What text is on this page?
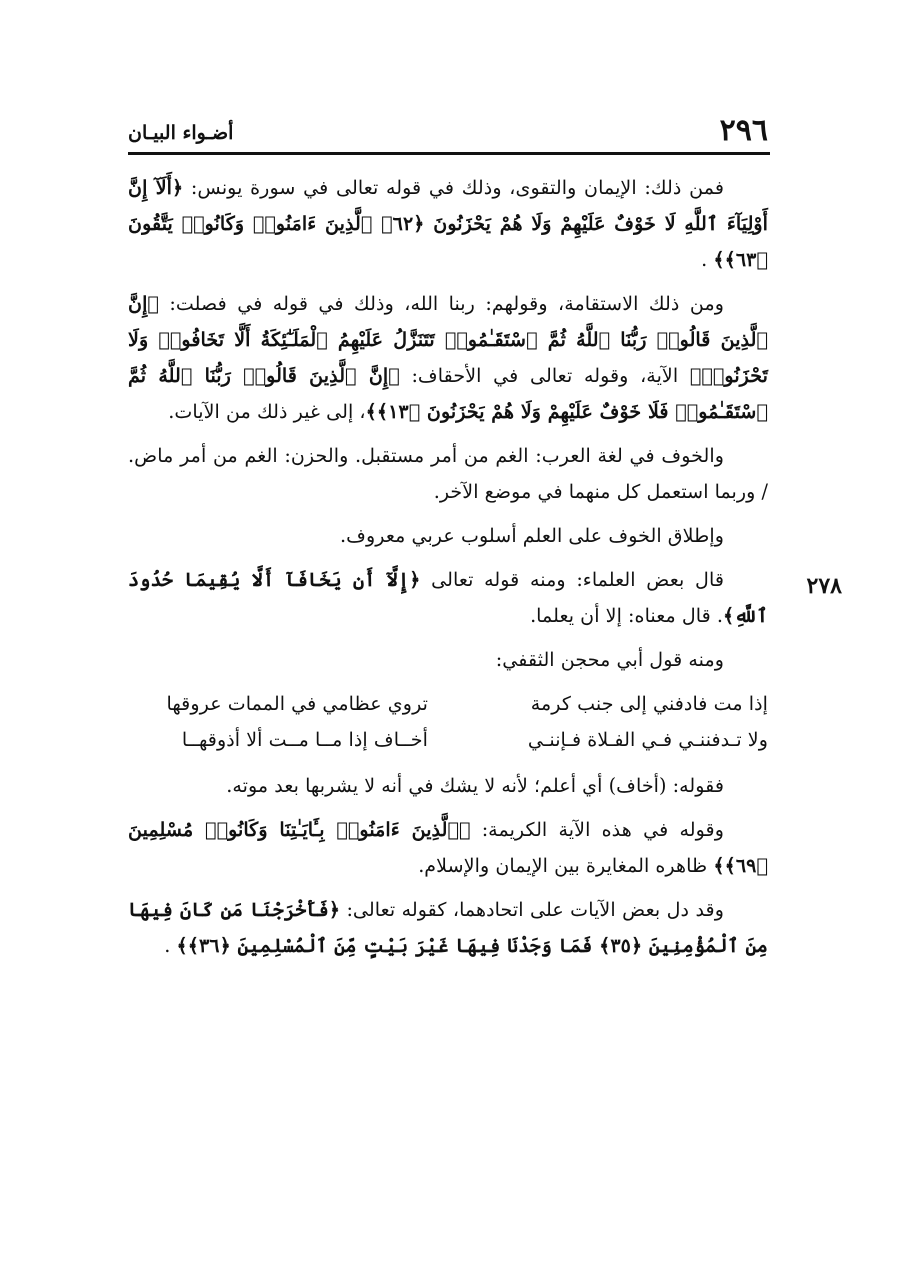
٢٩٦
أضـواء البيـان
٢٧٨

فمن ذلك: الإيمان والتقوى، وذلك في قوله تعالى في سورة يونس: ﴿أَلَآ إِنَّ أَوْلِيَآءَ ٱللَّهِ لَا خَوْفٌ عَلَيْهِمْ وَلَا هُمْ يَحْزَنُونَ ﴿٦٢﴾ ٱلَّذِينَ ءَامَنُوا۟ وَكَانُوا۟ يَتَّقُونَ ﴿٦٣﴾﴾ .

ومن ذلك الاستقامة، وقولهم: ربنا الله، وذلك في قوله في فصلت: ﴿إِنَّ ٱلَّذِينَ قَالُوا۟ رَبُّنَا ٱللَّهُ ثُمَّ ٱسْتَقَـٰمُوا۟ تَتَنَزَّلُ عَلَيْهِمُ ٱلْمَلَـٰٓئِكَةُ أَلَّا تَخَافُوا۟ وَلَا تَحْزَنُوا۟﴾ الآية، وقوله تعالى في الأحقاف: ﴿إِنَّ ٱلَّذِينَ قَالُوا۟ رَبُّنَا ٱللَّهُ ثُمَّ ٱسْتَقَـٰمُوا۟ فَلَا خَوْفٌ عَلَيْهِمْ وَلَا هُمْ يَحْزَنُونَ ﴿١٣﴾﴾، إلى غير ذلك من الآيات.

والخوف في لغة العرب: الغم من أمر مستقبل. والحزن: الغم من أمر ماض. / وربما استعمل كل منهما في موضع الآخر.

وإطلاق الخوف على العلم أسلوب عربي معروف.

قال بعض العلماء: ومنه قوله تعالى ﴿إِلَّآ أَن يَخَافَآ أَلَّا يُقِيمَا حُدُودَ ٱللَّهِ﴾. قال معناه: إلا أن يعلما.

ومنه قول أبي محجن الثقفي:

إذا مت فادفني إلى جنب كرمة
تروي عظامي في الممات عروقها
ولا تـدفننـي فـي الفـلاة فـإننـي
أخــاف إذا مــا مــت ألا أذوقهــا

فقوله: (أخاف) أي أعلم؛ لأنه لا يشك في أنه لا يشربها بعد موته.

وقوله في هذه الآية الكريمة: ﴿ٱلَّذِينَ ءَامَنُوا۟ بِـَٔايَـٰتِنَا وَكَانُوا۟ مُسْلِمِينَ ﴿٦٩﴾﴾ ظاهره المغايرة بين الإيمان والإسلام.

وقد دل بعض الآيات على اتحادهما، كقوله تعالى: ﴿فَأَخْرَجْنَا مَن كَانَ فِيهَا مِنَ ٱلْمُؤْمِنِينَ ﴿٣٥﴾ فَمَا وَجَدْنَا فِيهَا غَيْرَ بَيْتٍ مِّنَ ٱلْمُسْلِمِينَ ﴿٣٦﴾﴾ .
